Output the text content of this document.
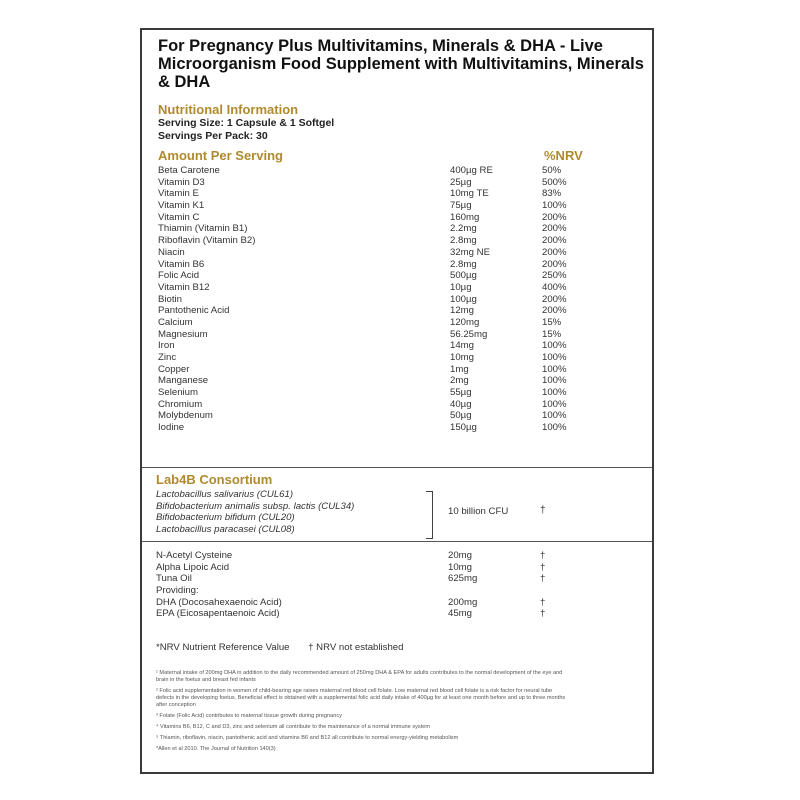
For Pregnancy Plus Multivitamins, Minerals & DHA - Live Microorganism Food Supplement with Multivitamins, Minerals & DHA
Nutritional Information
Serving Size: 1 Capsule & 1 Softgel
Servings Per Pack: 30
Amount Per Serving	%NRV
Beta Carotene	400µg RE	50%
Vitamin D3	25µg	500%
Vitamin E	10mg TE	83%
Vitamin K1	75µg	100%
Vitamin C	160mg	200%
Thiamin (Vitamin B1)	2.2mg	200%
Riboflavin (Vitamin B2)	2.8mg	200%
Niacin	32mg NE	200%
Vitamin B6	2.8mg	200%
Folic Acid	500µg	250%
Vitamin B12	10µg	400%
Biotin	100µg	200%
Pantothenic Acid	12mg	200%
Calcium	120mg	15%
Magnesium	56.25mg	15%
Iron	14mg	100%
Zinc	10mg	100%
Copper	1mg	100%
Manganese	2mg	100%
Selenium	55µg	100%
Chromium	40µg	100%
Molybdenum	50µg	100%
Iodine	150µg	100%
Lab4B Consortium
Lactobacillus salivarius (CUL61)
Bifidobacterium animalis subsp. lactis (CUL34)
Bifidobacterium bifidum (CUL20)
Lactobacillus paracasei (CUL08)
10 billion CFU	†
N-Acetyl Cysteine	20mg	†
Alpha Lipoic Acid	10mg	†
Tuna Oil	625mg	†
Providing:
DHA (Docosahexaenoic Acid)	200mg	†
EPA (Eicosapentaenoic Acid)	45mg	†
*NRV Nutrient Reference Value † NRV not established

¹ Maternal intake of 200mg DHA in addition to the daily recommended amount of 250mg DHA & EPA for adults contributes to the normal development of the eye and brain in the foetus and breast fed infants

² Folic acid supplementation in women of child-bearing age raises maternal red blood cell folate. Low maternal red blood cell folate is a risk factor for neural tube defects in the developing foetus. Beneficial effect is obtained with a supplemental folic acid daily intake of 400µg for at least one month before and up to three months after conception

³ Folate (Folic Acid) contributes to maternal tissue growth during pregnancy

⁴ Vitamins B6, B12, C and D3, zinc and selenium all contribute to the maintenance of a normal immune system

⁵ Thiamin, riboflavin, niacin, pantothenic acid and vitamins B6 and B12 all contribute to normal energy-yielding metabolism

*Allen et al 2010. The Journal of Nutrition 140(3)
